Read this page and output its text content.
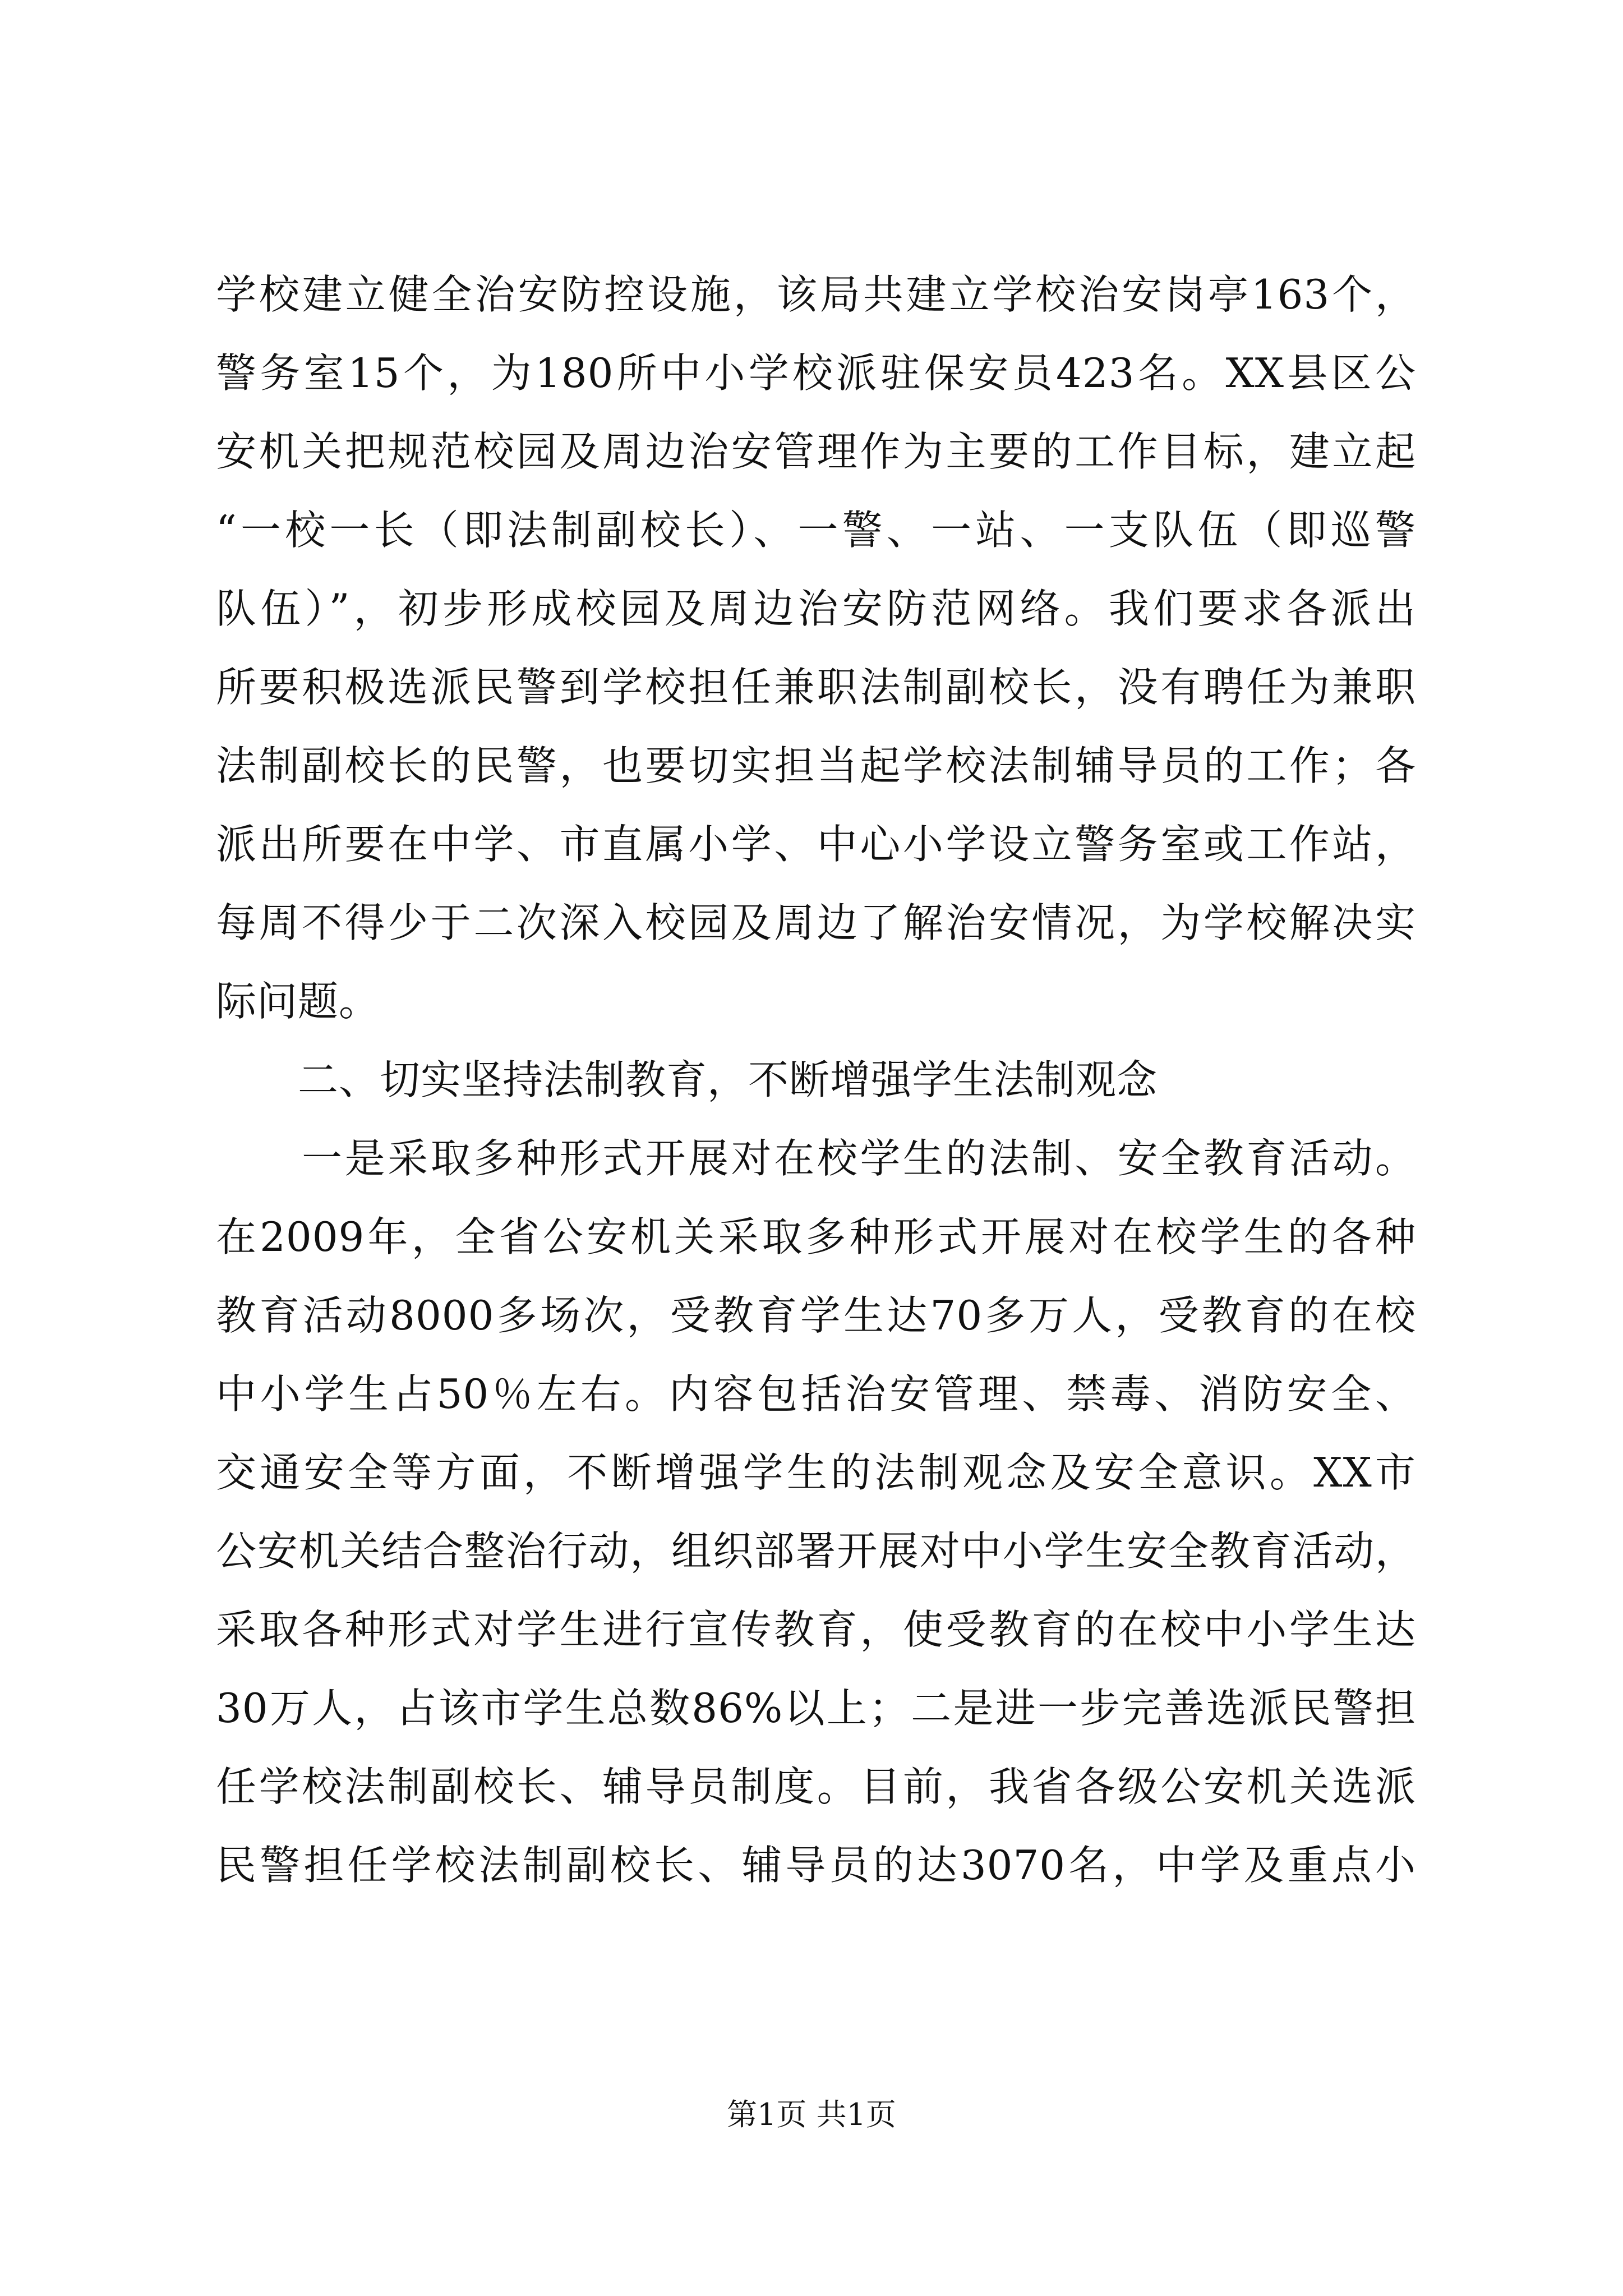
学校建立健全治安防控设施，该局共建立学校治安岗亭163个，
警务室15个，为180所中小学校派驻保安员423名。XX县区公
安机关把规范校园及周边治安管理作为主要的工作目标，建立起
“一校一长（即法制副校长）、一警、一站、一支队伍（即巡警
队伍）”，初步形成校园及周边治安防范网络。我们要求各派出
所要积极选派民警到学校担任兼职法制副校长，没有聘任为兼职
法制副校长的民警，也要切实担当起学校法制辅导员的工作；各
派出所要在中学、市直属小学、中心小学设立警务室或工作站，
每周不得少于二次深入校园及周边了解治安情况，为学校解决实
际问题。
　　二、切实坚持法制教育，不断增强学生法制观念
　　一是采取多种形式开展对在校学生的法制、安全教育活动。
在2009年，全省公安机关采取多种形式开展对在校学生的各种
教育活动8000多场次，受教育学生达70多万人，受教育的在校
中小学生占50％左右。内容包括治安管理、禁毒、消防安全、
交通安全等方面，不断增强学生的法制观念及安全意识。XX市
公安机关结合整治行动，组织部署开展对中小学生安全教育活动，
采取各种形式对学生进行宣传教育，使受教育的在校中小学生达
30万人，占该市学生总数86%以上；二是进一步完善选派民警担
任学校法制副校长、辅导员制度。目前，我省各级公安机关选派
民警担任学校法制副校长、辅导员的达3070名，中学及重点小
第1页 共1页
